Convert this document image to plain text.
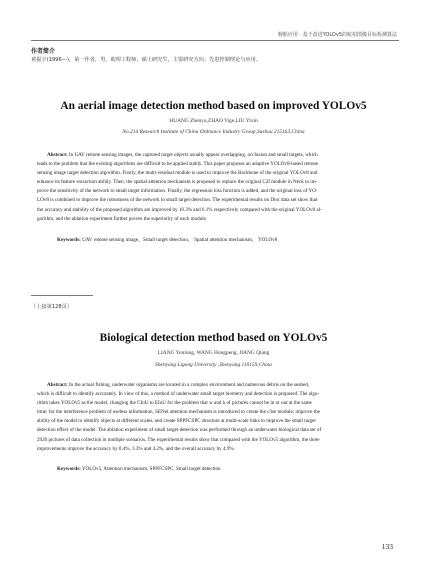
舰船应用 · 基于改进YOLOv5的航拍图像目标检测算法
作者简介
黄振宇(1996—)，第一作者，男，助理工程师，硕士研究生，主要研究方向：先进控制理论与应用。
An aerial image detection method based on improved YOLOv5
HUANG Zhenyu,ZHAO Yige,LIU Yixin
No.214 Research Institute of China Ordnance Industry Group,Suzhou 215163,China
Abstract: In UAV remote sensing images, the captured target objects usually appear overlapping, occlusion and small targets, which
leads to the problem that the existing algorithms are difficult to be applied stably. This paper proposes an adaptive YOLOv8-based remote
sensing image target detection algorithm. Firstly, the multi-residual module is used to improve the Backbone of the original YOLOv8 and
enhance its feature extraction ability. Then, the spatial attention mechanism is proposed to replace the original C2f module in Neck to im-
prove the sensitivity of the network to small target information. Finally, the regression loss function is added, and the original loss of YO-
LOv8 is combined to improve the robustness of the network to small target detection. The experimental results on Dior data set show that
the accuracy and stability of the proposed algorithm are improved by 10.3% and 6.1% respectively compared with the original YOLOv8 al-
gorithm, and the ablation experiment further proves the superiority of each module.
Keywords: UAV remote sensing image，Small target detection， Spatial attention mechanism， YOLOv8
（上接第128页）
Biological detection method based on YOLOv5
LIANG Yunlong, WANG Hongpeng, JIANG Qiang
Shenyang Ligong University ,Shenyang 110159,China
Abstract: In the actual fishing, underwater organisms are located in a complex environment and numerous debris on the seabed,
which is difficult to identify accurately. In view of this, a method of underwater small target biometry and detection is proposed. The algo-
rithm takes YOLOv5 as the model, changing the CIoU to EIoU for the problem that w and h of pictures cannot be in or out at the same
time; for the interference problem of useless information, SENet attention mechanism is introduced to create the c3se module; improve the
ability of the model to identify objects at different scales, and create SPPFCSPC structure at multi-scale links to improve the small target
detection effect of the model. The ablation experiment of small target detection was performed through an underwater biological data set of
2920 pictures of data collection in multiple scenarios. The experimental results show that compared with the YOLOv5 algorithm, the three
improvements improve the accuracy by 0.4%, 3.3% and 4.2%, and the overall accuracy by 4.9%.
Keywords: YOLOv5, Attention mechanism, SPPFCSPC, Small target detection
133
